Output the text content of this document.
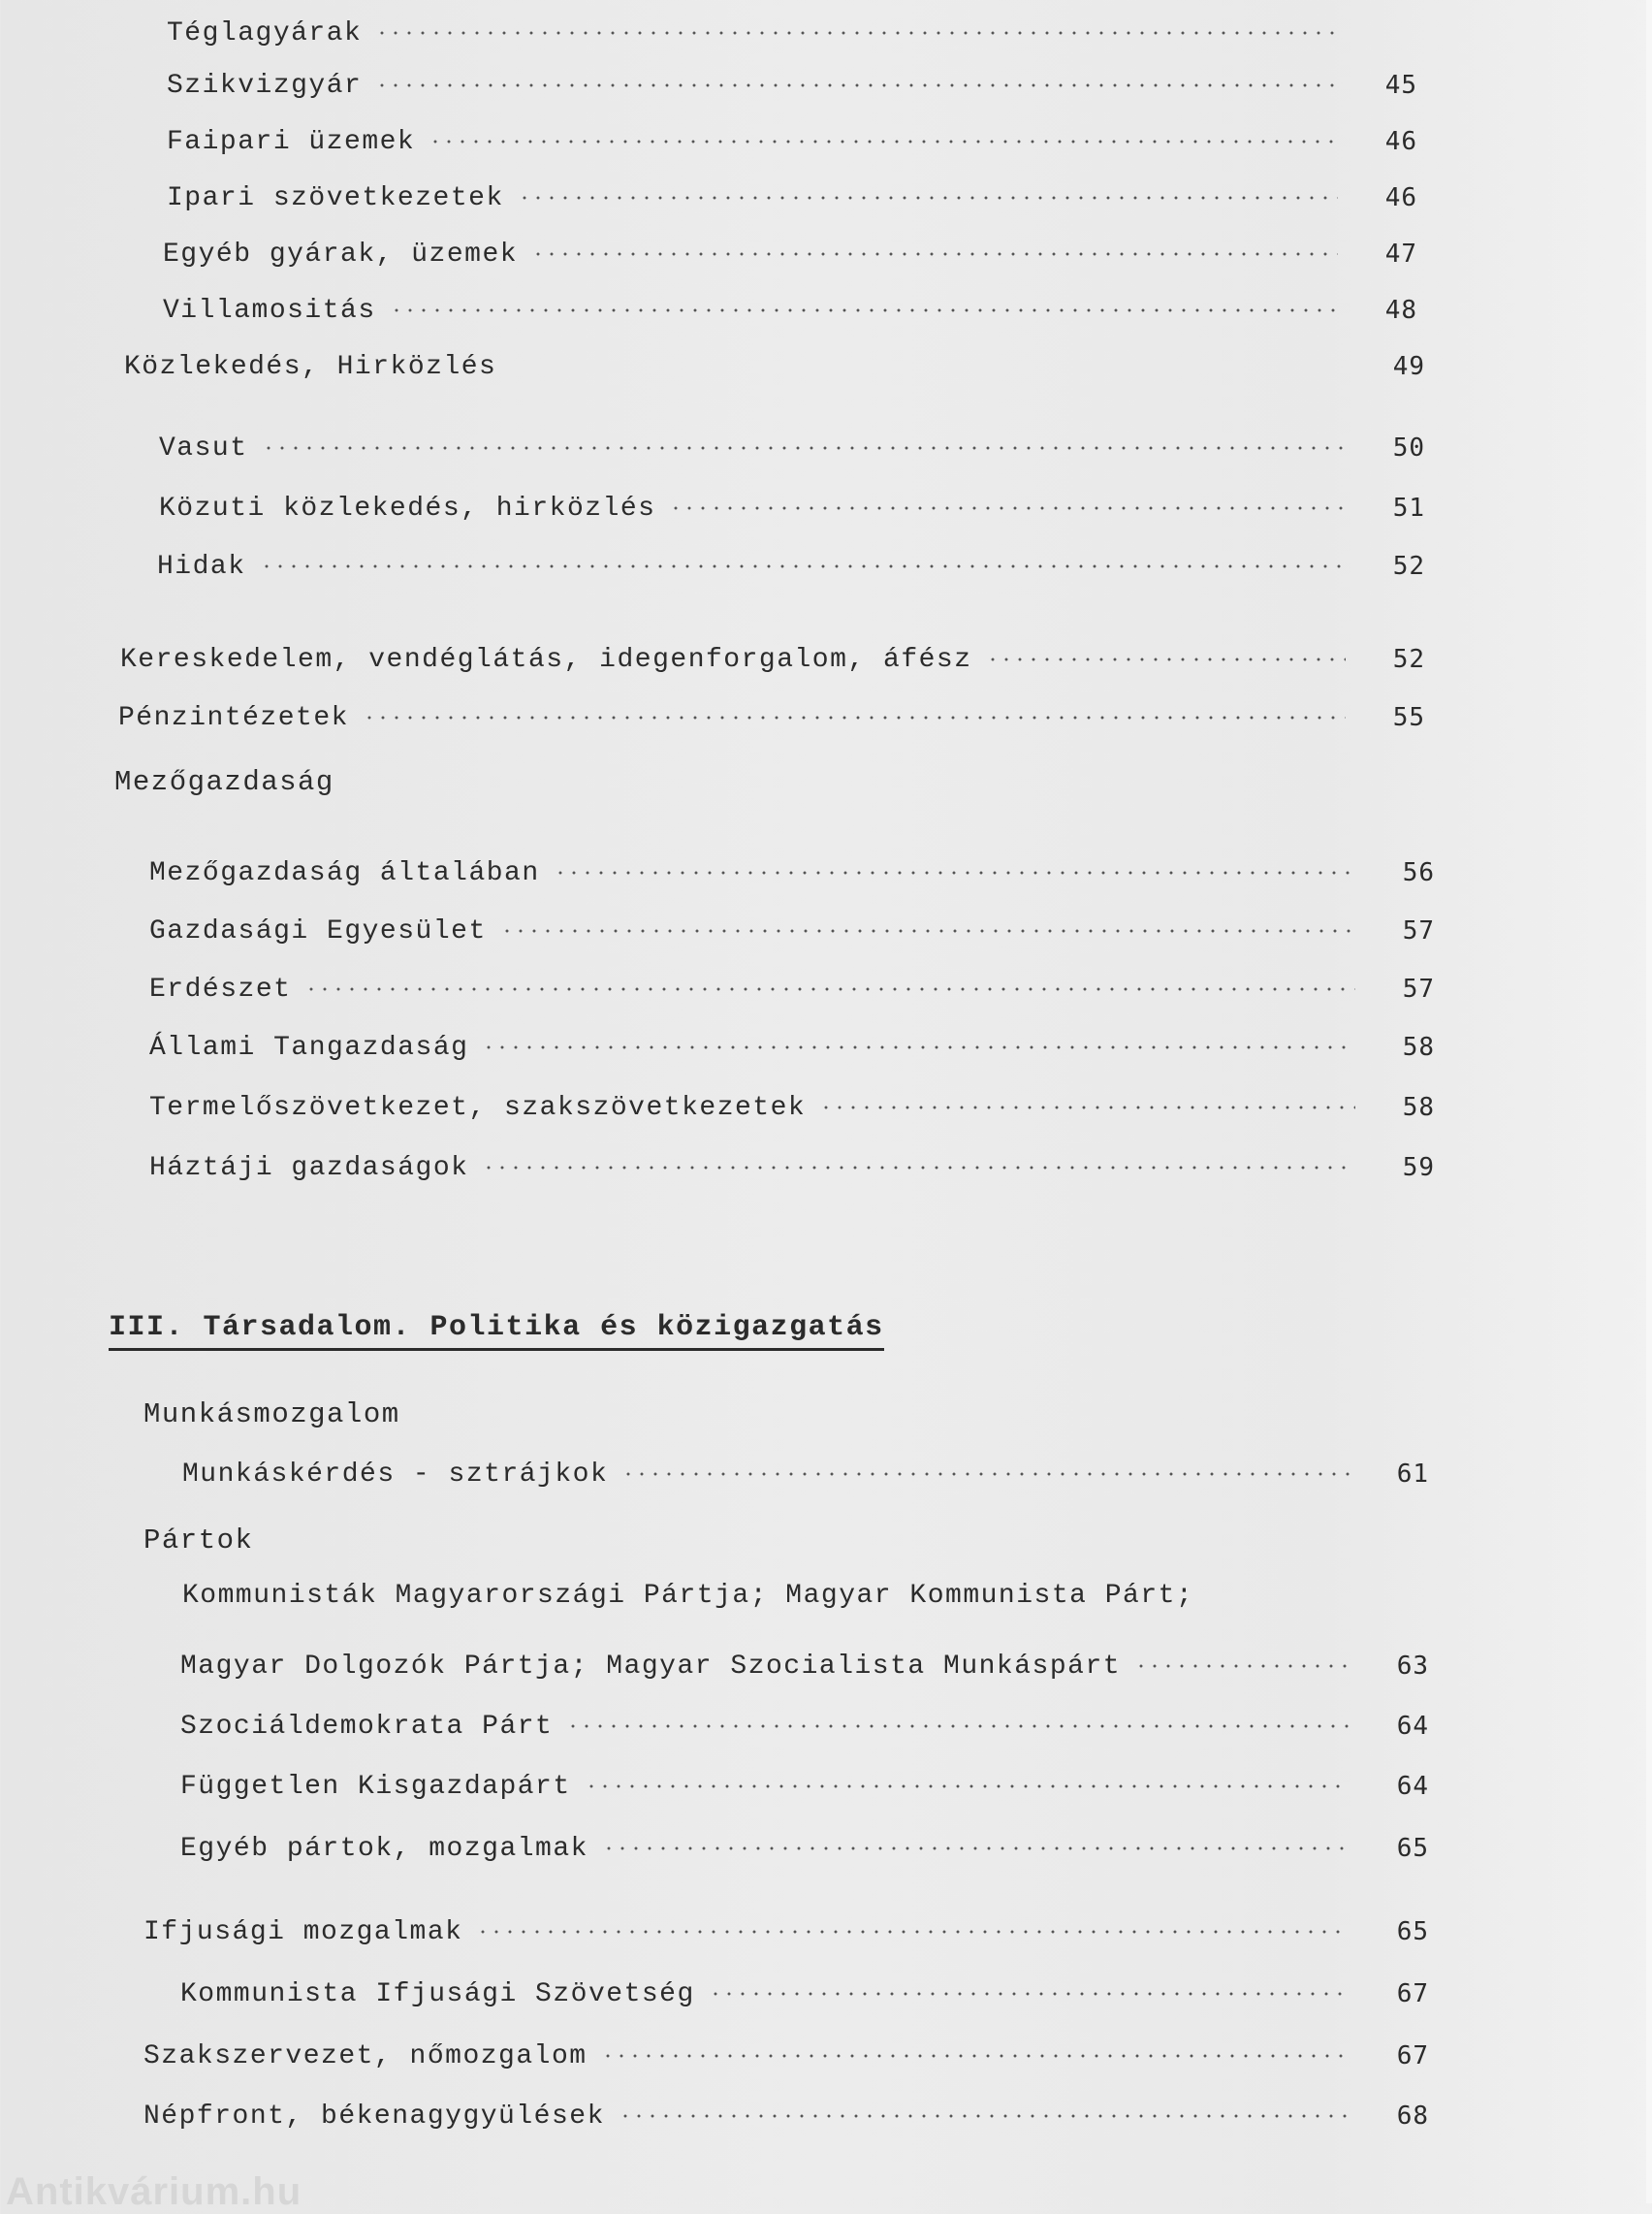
Téglagyárak
Szikvizgyár	45
Faipari üzemek	46
Ipari szövetkezetek	46
Egyéb gyárak, üzemek	47
Villamositás	48
Közlekedés, Hirközlés	49
Vasut	50
Közuti közlekedés, hirközlés	51
Hidak	52
Kereskedelem, vendéglátás, idegenforgalom, áfész	52
Pénzintézetek	55
Mezőgazdaság
Mezőgazdaság általában	56
Gazdasági Egyesület	57
Erdészet	57
Állami Tangazdaság	58
Termelőszövetkezet, szakszövetkezetek	58
Háztáji gazdaságok	59
III. Társadalom. Politika és közigazgatás
Munkásmozgalom
Munkáskérdés - sztrájkok	61
Pártok
Kommunisták Magyarországi Pártja; Magyar Kommunista Párt;
Magyar Dolgozók Pártja; Magyar Szocialista Munkáspárt	63
Szociáldemokrata Párt	64
Független Kisgazdapárt	64
Egyéb pártok, mozgalmak	65
Ifjusági mozgalmak	65
Kommunista Ifjusági Szövetség	67
Szakszervezet, nőmozgalom	67
Népfront, békenagygyülések	68
Antikvárium.hu
